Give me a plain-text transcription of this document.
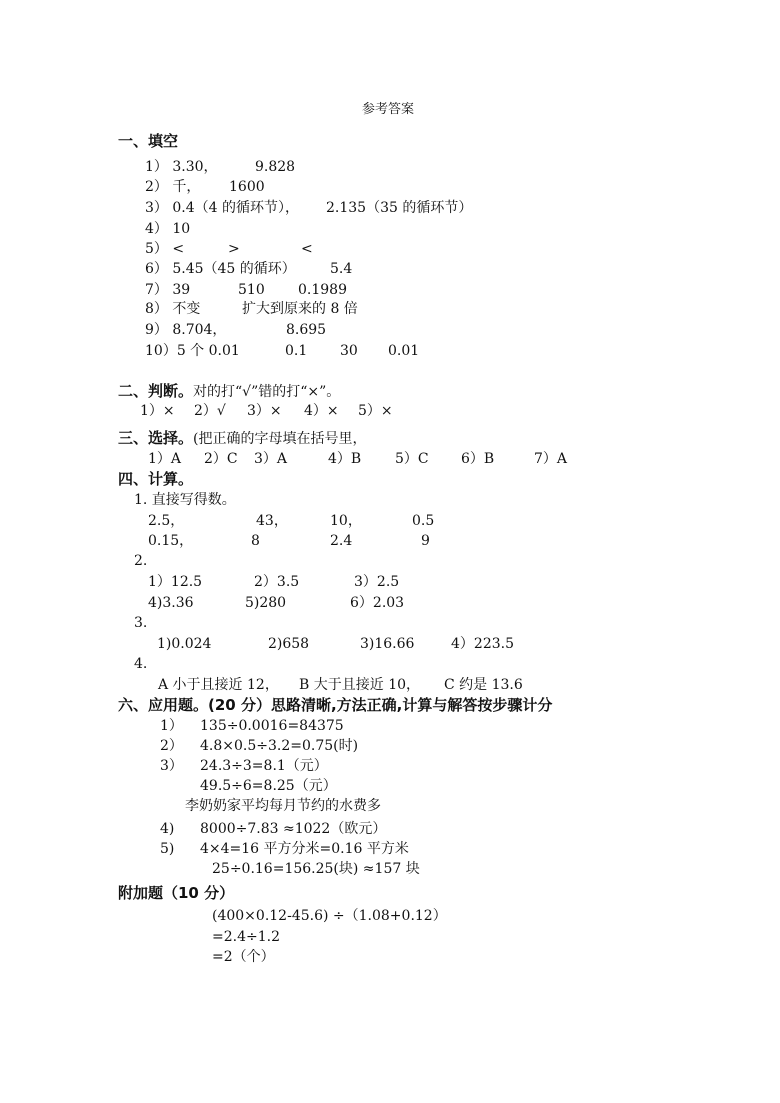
参考答案
一、填空
1） 3.30，	9.828
2） 千， 1600
3） 0.4（4 的循环节）， 2.135（35 的循环节）
4） 10
5） <	>	<
6） 5.45（45 的循环） 5.4
7） 39	510 0.1989
8） 不变	扩大到原来的 8 倍
9） 8.704，	8.695
10）5 个 0.01	0.1 30 0.01
二、判断。对的打“√”错的打“×”。
1）× 2）√ 3）× 4）× 5）×
三、选择。(把正确的字母填在括号里，
1）A 2）C 3）A	4）B 5）C 6）B	7）A
四、计算。
1. 直接写得数。
2.5，	43，	10，	0.5
0.15，	8	2.4	9
2.
1）12.5	2）3.5	3）2.5
4)3.36	5)280	6）2.03
3.
1)0.024	2)658	3)16.66	4）223.5
4.
A 小于且接近 12， B 大于且接近 10， C 约是 13.6
六、应用题。(20 分）思路清晰,方法正确,计算与解答按步骤计分
1） 135÷0.0016=84375
2） 4.8×0.5÷3.2=0.75(时)
3） 24.3÷3=8.1（元）
49.5÷6=8.25（元）
李奶奶家平均每月节约的水费多
4) 8000÷7.83 ≈1022（欧元）
5) 4×4=16 平方分米=0.16 平方米
25÷0.16=156.25(块) ≈157 块
附加题（10 分）
(400×0.12-45.6) ÷（1.08+0.12）
=2.4÷1.2
=2（个）
